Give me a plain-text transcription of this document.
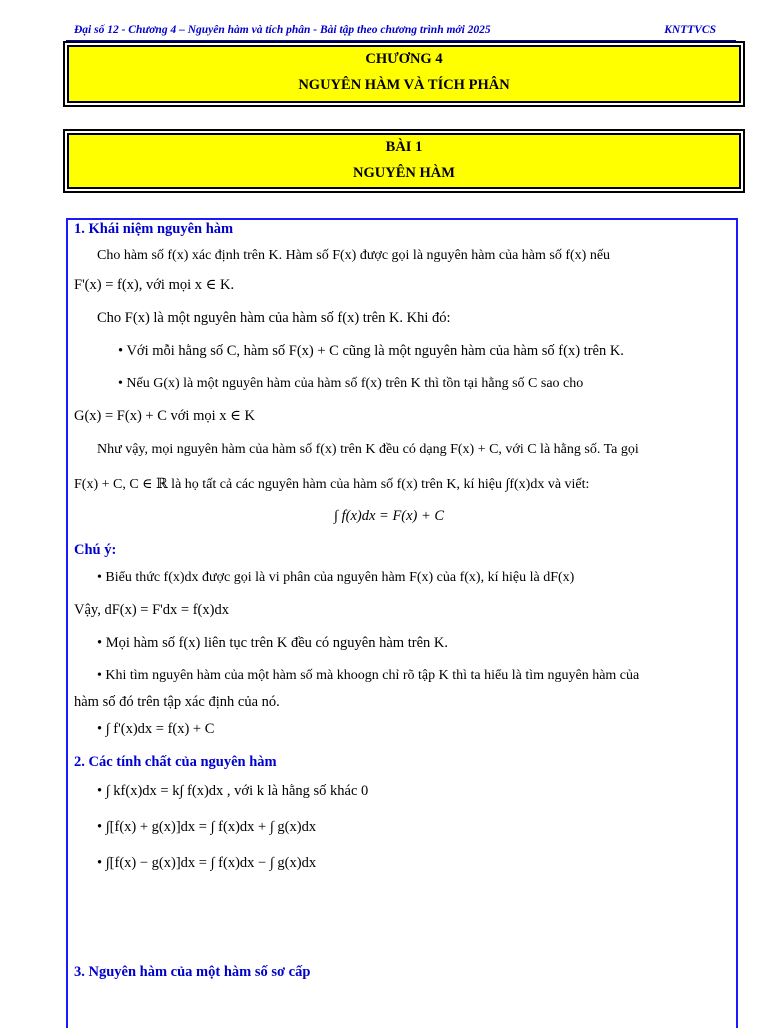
Đại số 12 - Chương 4 – Nguyên hàm và tích phân - Bài tập theo chương trình mới 2025	KNTTVCS
CHƯƠNG 4
NGUYÊN HÀM VÀ TÍCH PHÂN
BÀI 1
NGUYÊN HÀM
1. Khái niệm nguyên hàm
Cho hàm số f(x) xác định trên K. Hàm số F(x) được gọi là nguyên hàm của hàm số f(x) nếu
F'(x) = f(x), với mọi x ∈ K.
Cho F(x) là một nguyên hàm của hàm số f(x) trên K. Khi đó:
• Với mỗi hằng số C, hàm số F(x) + C cũng là một nguyên hàm của hàm số f(x) trên K.
• Nếu G(x) là một nguyên hàm của hàm số f(x) trên K thì tồn tại hằng số C sao cho
G(x) = F(x) + C với mọi x ∈ K
Như vậy, mọi nguyên hàm của hàm số f(x) trên K đều có dạng F(x) + C, với C là hằng số. Ta gọi
F(x) + C, C ∈ ℝ là họ tất cả các nguyên hàm của hàm số f(x) trên K, kí hiệu ∫f(x)dx và viết:
∫ f(x)dx = F(x) + C
Chú ý:
• Biểu thức f(x)dx được gọi là vi phân của nguyên hàm F(x) của f(x), kí hiệu là dF(x)
Vậy, dF(x) = F'dx = f(x)dx
• Mọi hàm số f(x) liên tục trên K đều có nguyên hàm trên K.
• Khi tìm nguyên hàm của một hàm số mà khoogn chỉ rõ tập K thì ta hiểu là tìm nguyên hàm của
hàm số đó trên tập xác định của nó.
• ∫ f'(x)dx = f(x) + C
2. Các tính chất của nguyên hàm
• ∫ kf(x)dx = k∫ f(x)dx , với k là hằng số khác 0
• ∫[f(x) + g(x)]dx = ∫ f(x)dx + ∫ g(x)dx
• ∫[f(x) − g(x)]dx = ∫ f(x)dx − ∫ g(x)dx
3. Nguyên hàm của một hàm số sơ cấp
